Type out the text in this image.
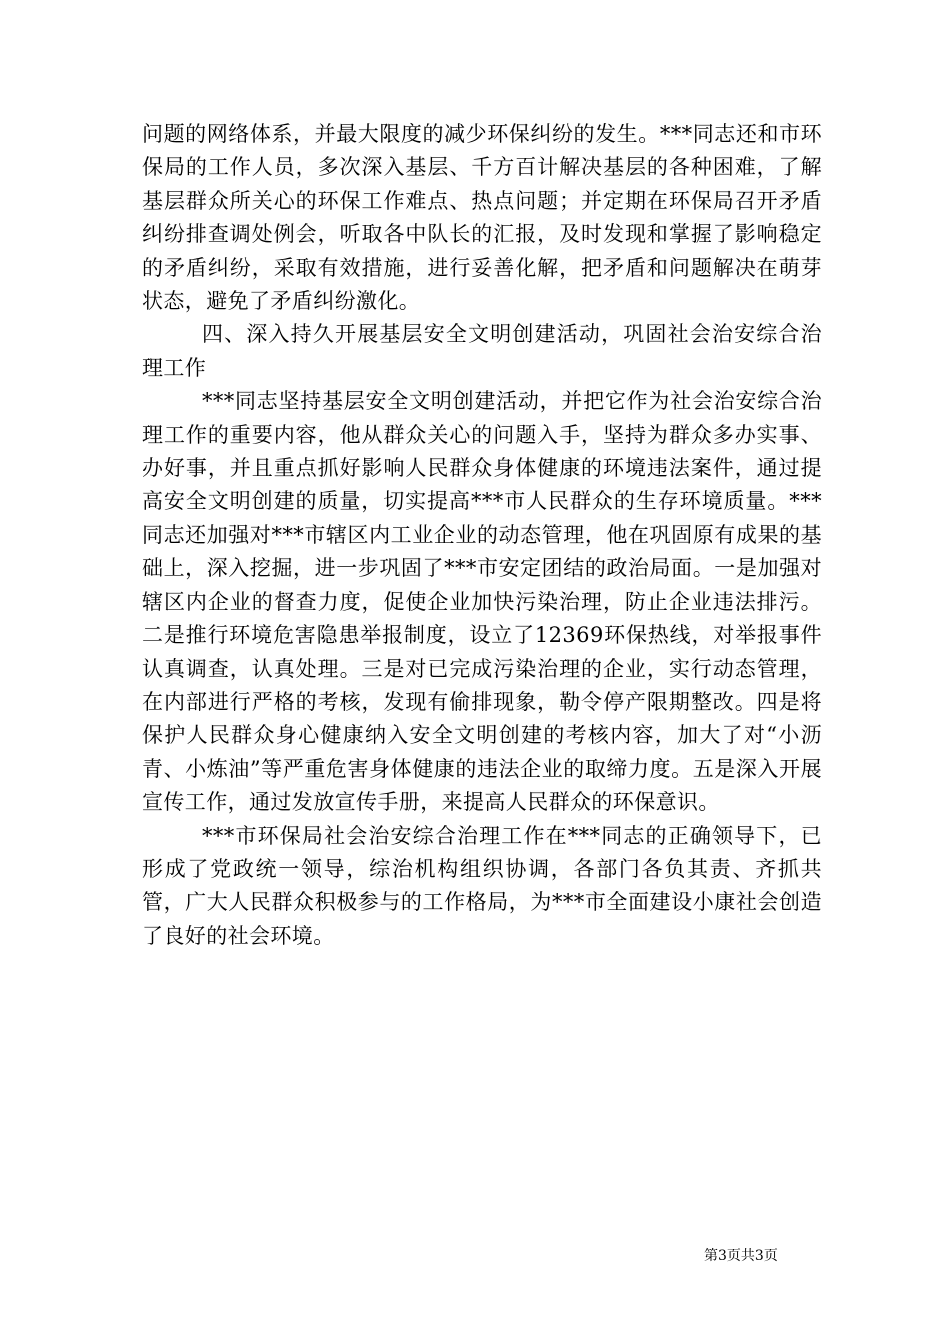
问题的网络体系，并最大限度的减少环保纠纷的发生。***同志还和市环保局的工作人员，多次深入基层、千方百计解决基层的各种困难，了解基层群众所关心的环保工作难点、热点问题；并定期在环保局召开矛盾纠纷排查调处例会，听取各中队长的汇报，及时发现和掌握了影响稳定的矛盾纠纷，采取有效措施，进行妥善化解，把矛盾和问题解决在萌芽状态，避免了矛盾纠纷激化。

四、深入持久开展基层安全文明创建活动，巩固社会治安综合治理工作

***同志坚持基层安全文明创建活动，并把它作为社会治安综合治理工作的重要内容，他从群众关心的问题入手，坚持为群众多办实事、办好事，并且重点抓好影响人民群众身体健康的环境违法案件，通过提高安全文明创建的质量，切实提高***市人民群众的生存环境质量。***同志还加强对***市辖区内工业企业的动态管理，他在巩固原有成果的基础上，深入挖掘，进一步巩固了***市安定团结的政治局面。一是加强对辖区内企业的督查力度，促使企业加快污染治理，防止企业违法排污。二是推行环境危害隐患举报制度，设立了12369环保热线，对举报事件认真调查，认真处理。三是对已完成污染治理的企业，实行动态管理，在内部进行严格的考核，发现有偷排现象，勒令停产限期整改。四是将保护人民群众身心健康纳入安全文明创建的考核内容，加大了对“小沥青、小炼油”等严重危害身体健康的违法企业的取缔力度。五是深入开展宣传工作，通过发放宣传手册，来提高人民群众的环保意识。

***市环保局社会治安综合治理工作在***同志的正确领导下，已形成了党政统一领导，综治机构组织协调，各部门各负其责、齐抓共管，广大人民群众积极参与的工作格局，为***市全面建设小康社会创造了良好的社会环境。

第3页共3页
